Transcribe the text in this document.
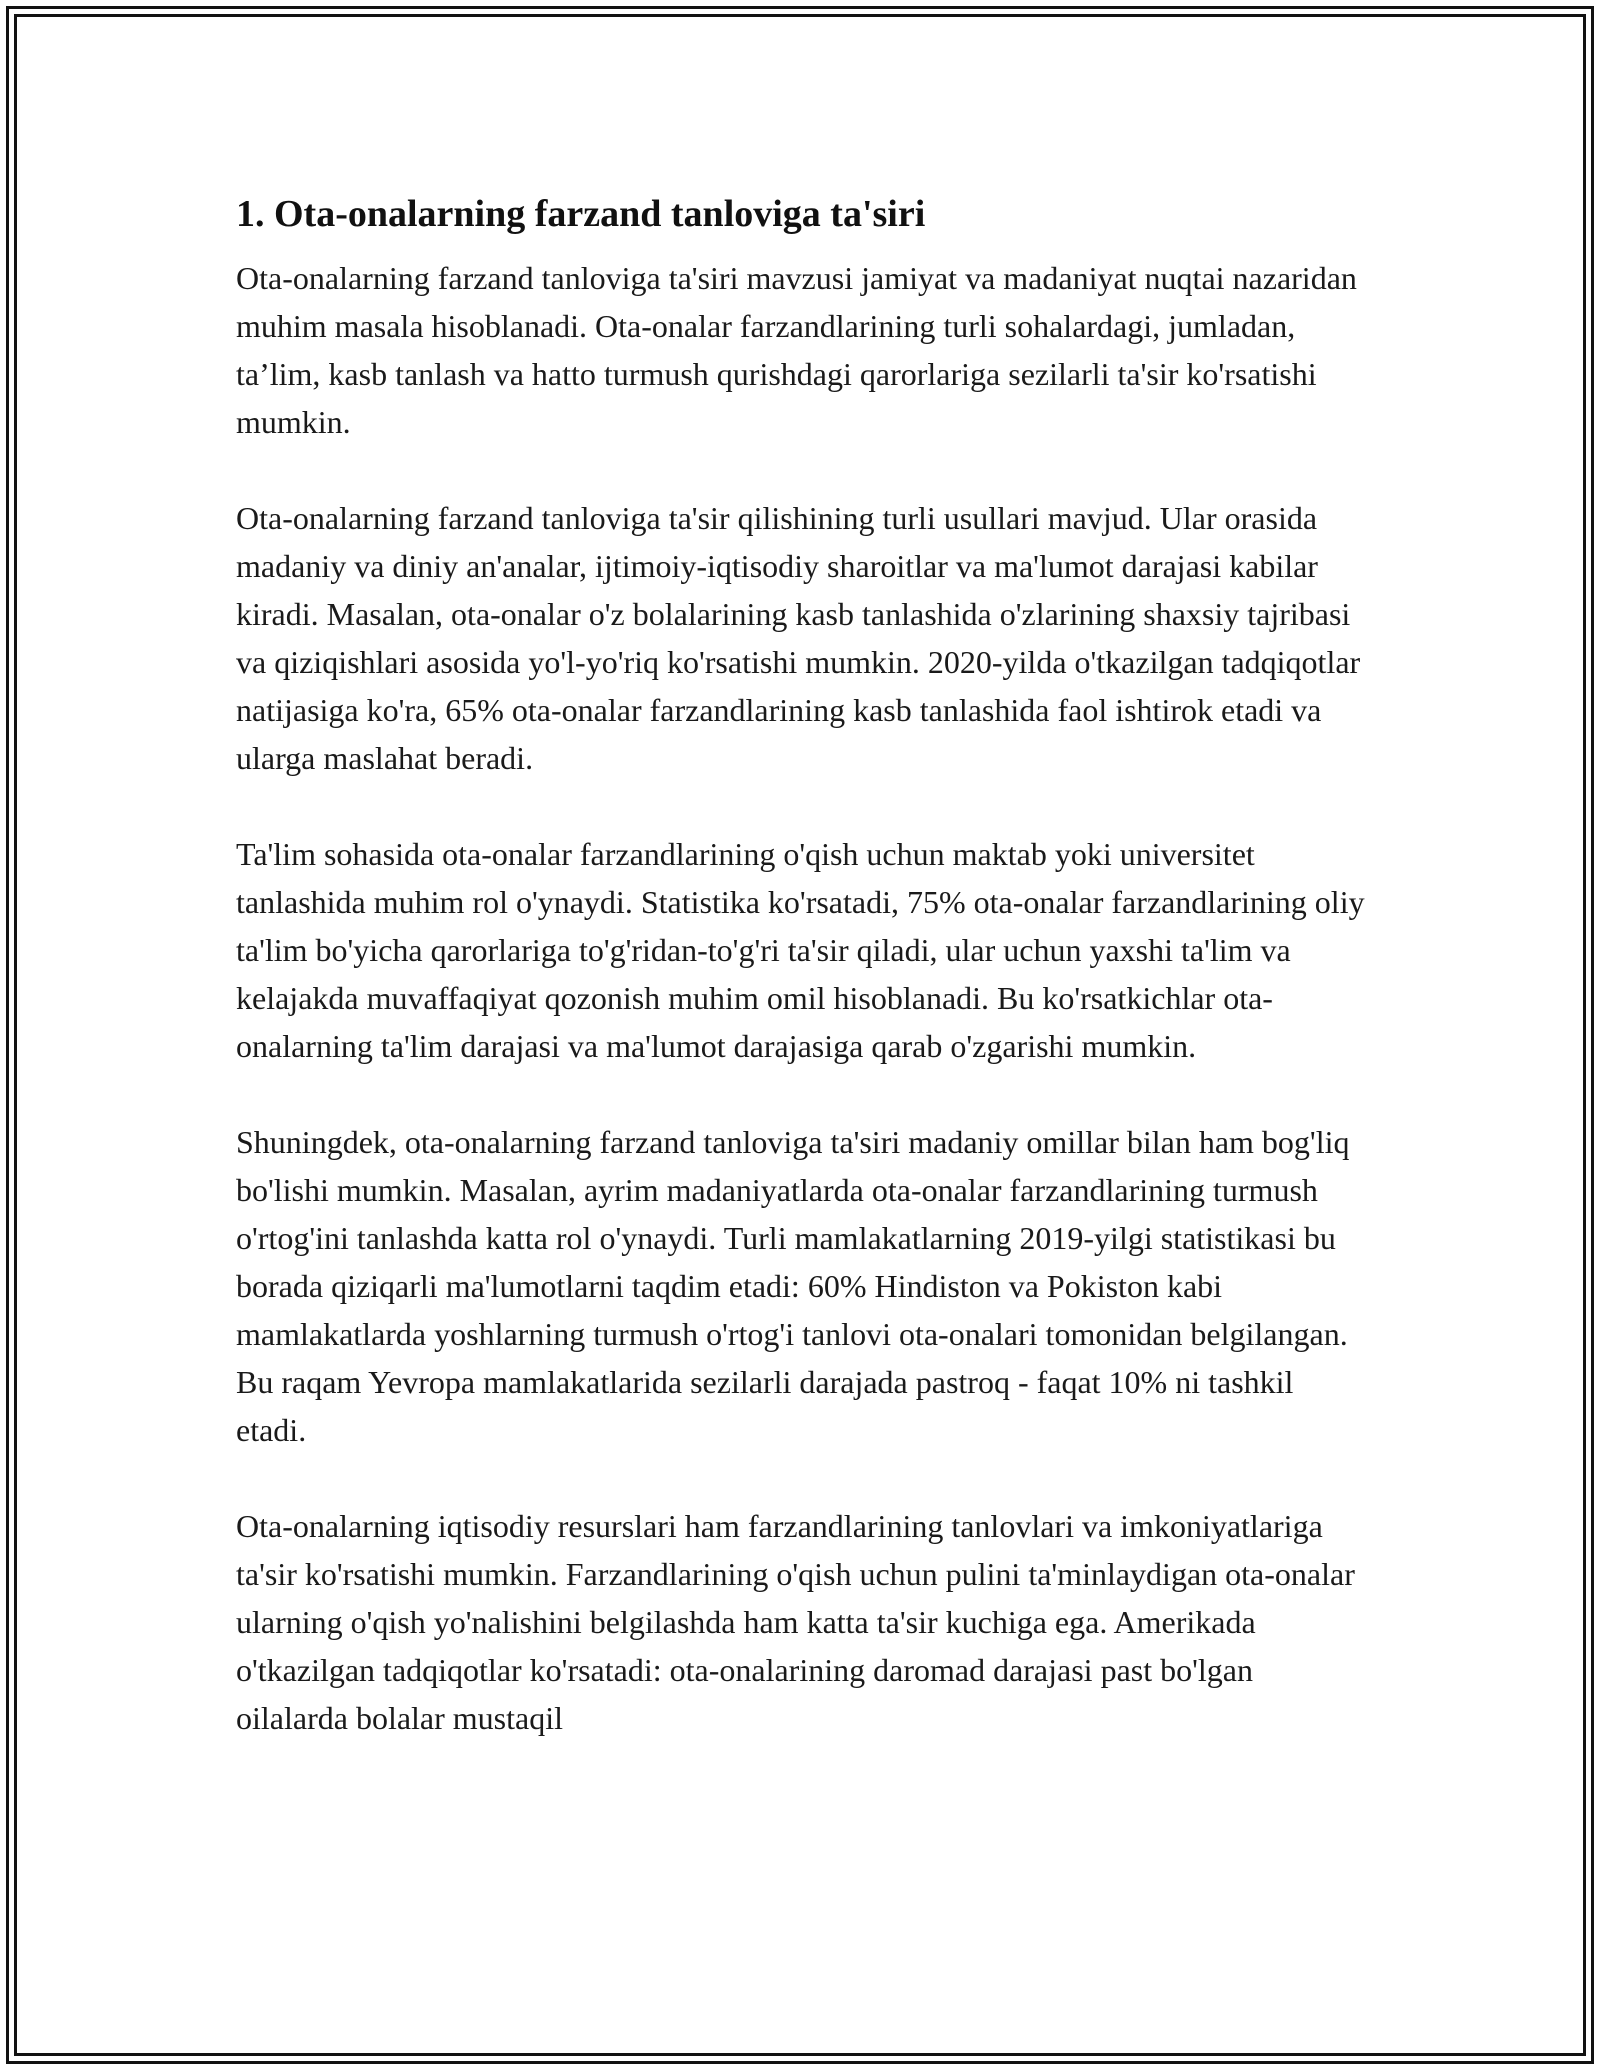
1. Ota-onalarning farzand tanloviga ta'siri

Ota-onalarning farzand tanloviga ta'siri mavzusi jamiyat va madaniyat nuqtai nazaridan muhim masala hisoblanadi. Ota-onalar farzandlarining turli sohalardagi, jumladan, ta’lim, kasb tanlash va hatto turmush qurishdagi qarorlariga sezilarli ta'sir ko'rsatishi mumkin.

Ota-onalarning farzand tanloviga ta'sir qilishining turli usullari mavjud. Ular orasida madaniy va diniy an'analar, ijtimoiy-iqtisodiy sharoitlar va ma'lumot darajasi kabilar kiradi. Masalan, ota-onalar o'z bolalarining kasb tanlashida o'zlarining shaxsiy tajribasi va qiziqishlari asosida yo'l-yo'riq ko'rsatishi mumkin. 2020-yilda o'tkazilgan tadqiqotlar natijasiga ko'ra, 65% ota-onalar farzandlarining kasb tanlashida faol ishtirok etadi va ularga maslahat beradi.

Ta'lim sohasida ota-onalar farzandlarining o'qish uchun maktab yoki universitet tanlashida muhim rol o'ynaydi. Statistika ko'rsatadi, 75% ota-onalar farzandlarining oliy ta'lim bo'yicha qarorlariga to'g'ridan-to'g'ri ta'sir qiladi, ular uchun yaxshi ta'lim va kelajakda muvaffaqiyat qozonish muhim omil hisoblanadi. Bu ko'rsatkichlar ota-onalarning ta'lim darajasi va ma'lumot darajasiga qarab o'zgarishi mumkin.

Shuningdek, ota-onalarning farzand tanloviga ta'siri madaniy omillar bilan ham bog'liq bo'lishi mumkin. Masalan, ayrim madaniyatlarda ota-onalar farzandlarining turmush o'rtog'ini tanlashda katta rol o'ynaydi. Turli mamlakatlarning 2019-yilgi statistikasi bu borada qiziqarli ma'lumotlarni taqdim etadi: 60% Hindiston va Pokiston kabi mamlakatlarda yoshlarning turmush o'rtog'i tanlovi ota-onalari tomonidan belgilangan. Bu raqam Yevropa mamlakatlarida sezilarli darajada pastroq - faqat 10% ni tashkil etadi.

Ota-onalarning iqtisodiy resurslari ham farzandlarining tanlovlari va imkoniyatlariga ta'sir ko'rsatishi mumkin. Farzandlarining o'qish uchun pulini ta'minlaydigan ota-onalar ularning o'qish yo'nalishini belgilashda ham katta ta'sir kuchiga ega. Amerikada o'tkazilgan tadqiqotlar ko'rsatadi: ota-onalarining daromad darajasi past bo'lgan oilalarda bolalar mustaqil
